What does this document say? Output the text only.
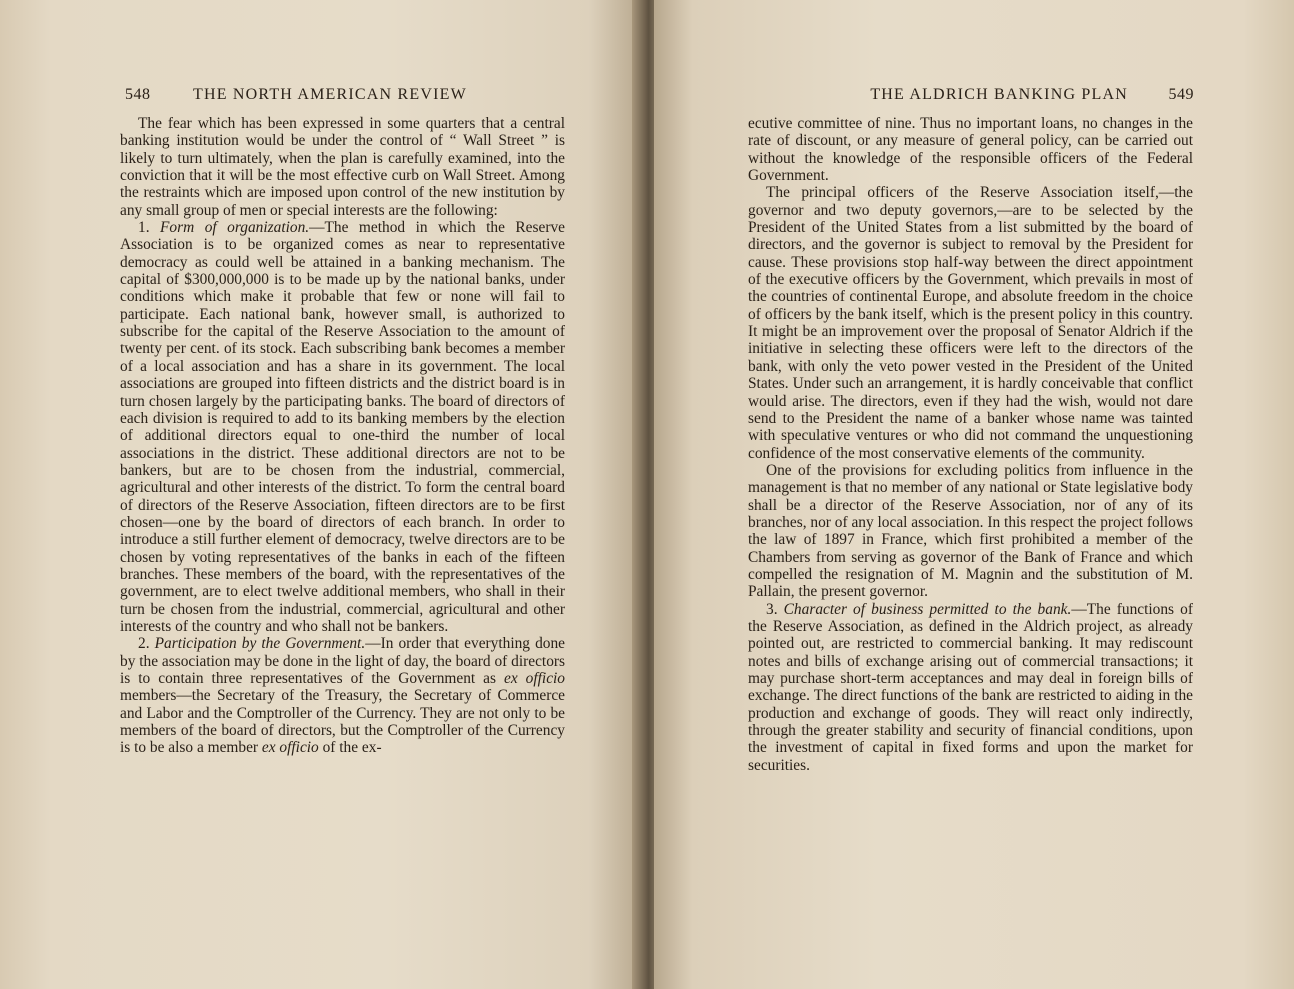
548	THE NORTH AMERICAN REVIEW

The fear which has been expressed in some quarters that a central banking institution would be under the control of “ Wall Street ” is likely to turn ultimately, when the plan is carefully examined, into the conviction that it will be the most effective curb on Wall Street. Among the restraints which are imposed upon control of the new institution by any small group of men or special interests are the following:

1. Form of organization.—The method in which the Reserve Association is to be organized comes as near to representative democracy as could well be attained in a banking mechanism. The capital of $300,000,000 is to be made up by the national banks, under conditions which make it probable that few or none will fail to participate. Each national bank, however small, is authorized to subscribe for the capital of the Reserve Association to the amount of twenty per cent. of its stock. Each subscribing bank becomes a member of a local association and has a share in its government. The local associations are grouped into fifteen districts and the district board is in turn chosen largely by the participating banks. The board of directors of each division is required to add to its banking members by the election of additional directors equal to one-third the number of local associations in the district. These additional directors are not to be bankers, but are to be chosen from the industrial, commercial, agricultural and other interests of the district. To form the central board of directors of the Reserve Association, fifteen directors are to be first chosen—one by the board of directors of each branch. In order to introduce a still further element of democracy, twelve directors are to be chosen by voting representatives of the banks in each of the fifteen branches. These members of the board, with the representatives of the government, are to elect twelve additional members, who shall in their turn be chosen from the industrial, commercial, agricultural and other interests of the country and who shall not be bankers.

2. Participation by the Government.—In order that everything done by the association may be done in the light of day, the board of directors is to contain three representatives of the Government as ex officio members—the Secretary of the Treasury, the Secretary of Commerce and Labor and the Comptroller of the Currency. They are not only to be members of the board of directors, but the Comptroller of the Currency is to be also a member ex officio of the ex-

THE ALDRICH BANKING PLAN	549

ecutive committee of nine. Thus no important loans, no changes in the rate of discount, or any measure of general policy, can be carried out without the knowledge of the responsible officers of the Federal Government.

The principal officers of the Reserve Association itself,—the governor and two deputy governors,—are to be selected by the President of the United States from a list submitted by the board of directors, and the governor is subject to removal by the President for cause. These provisions stop half-way between the direct appointment of the executive officers by the Government, which prevails in most of the countries of continental Europe, and absolute freedom in the choice of officers by the bank itself, which is the present policy in this country. It might be an improvement over the proposal of Senator Aldrich if the initiative in selecting these officers were left to the directors of the bank, with only the veto power vested in the President of the United States. Under such an arrangement, it is hardly conceivable that conflict would arise. The directors, even if they had the wish, would not dare send to the President the name of a banker whose name was tainted with speculative ventures or who did not command the unquestioning confidence of the most conservative elements of the community.

One of the provisions for excluding politics from influence in the management is that no member of any national or State legislative body shall be a director of the Reserve Association, nor of any of its branches, nor of any local association. In this respect the project follows the law of 1897 in France, which first prohibited a member of the Chambers from serving as governor of the Bank of France and which compelled the resignation of M. Magnin and the substitution of M. Pallain, the present governor.

3. Character of business permitted to the bank.—The functions of the Reserve Association, as defined in the Aldrich project, as already pointed out, are restricted to commercial banking. It may rediscount notes and bills of exchange arising out of commercial transactions; it may purchase short-term acceptances and may deal in foreign bills of exchange. The direct functions of the bank are restricted to aiding in the production and exchange of goods. They will react only indirectly, through the greater stability and security of financial conditions, upon the investment of capital in fixed forms and upon the market for securities.
